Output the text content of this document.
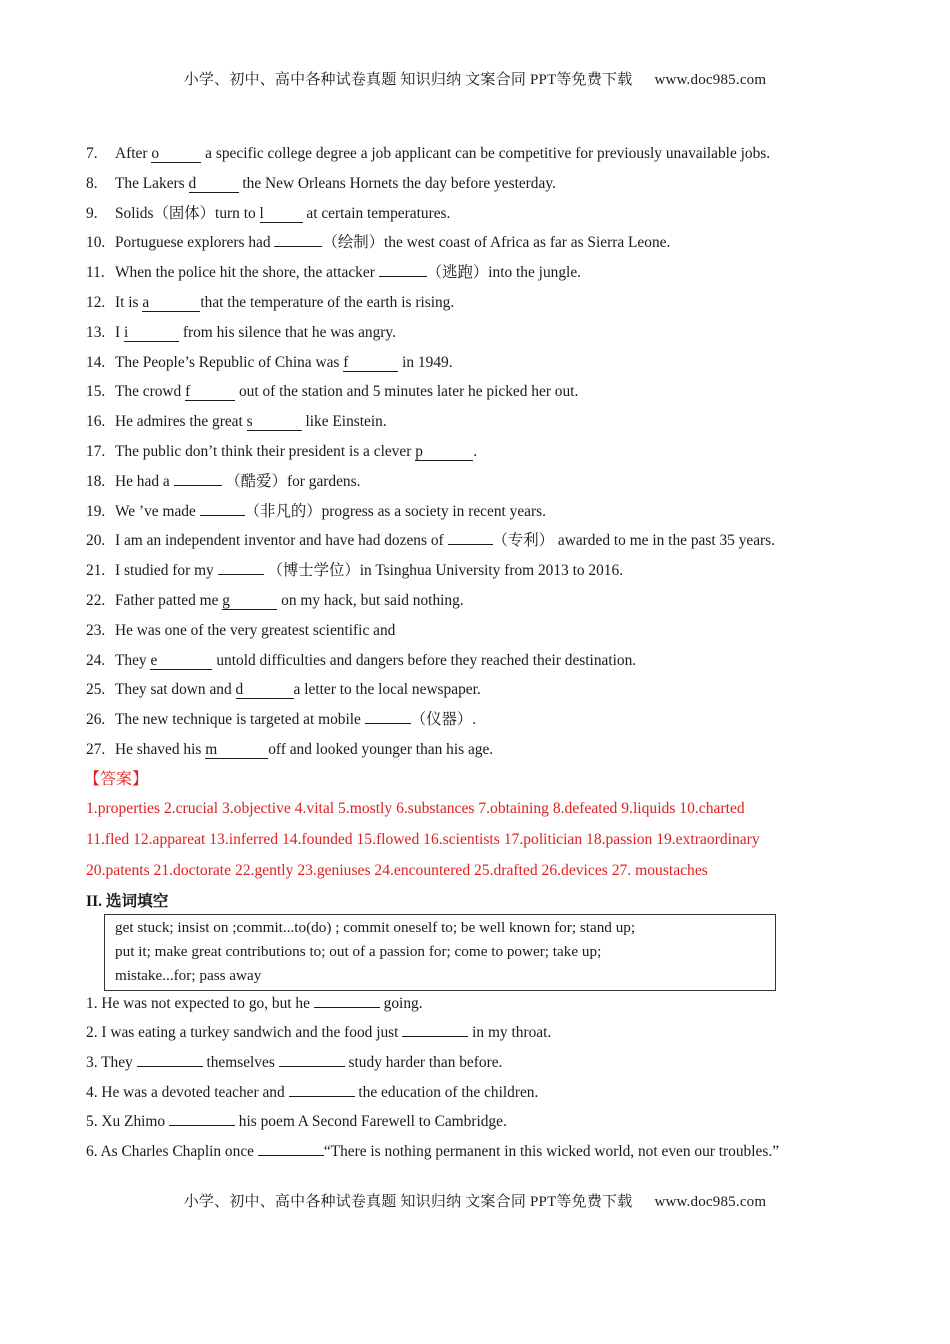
小学、初中、高中各种试卷真题 知识归纳 文案合同 PPT等免费下载 www.doc985.com
7. After o	a specific college degree a job applicant can be competitive for previously unavailable jobs.
8. The Lakers d	the New Orleans Hornets the day before yesterday.
9. Solids（固体）turn to l	at certain temperatures.
10. Portuguese explorers had	（绘制）the west coast of Africa as far as Sierra Leone.
11. When the police hit the shore, the attacker	（逃跑）into the jungle.
12. It is a	that the temperature of the earth is rising.
13. I i	from his silence that he was angry.
14. The People’s Republic of China was f	in 1949.
15. The crowd f	out of the station and 5 minutes later he picked her out.
16. He admires the great s	like Einstein.
17. The public don’t think their president is a clever p	.
18. He had a	（酷爱）for gardens.
19. We ’ve made	（非凡的）progress as a society in recent years.
20. I am an independent inventor and have had dozens of	（专利） awarded to me in the past 35 years.
21. I studied for my	（博士学位）in Tsinghua University from 2013 to 2016.
22. Father patted me g	on my hack, but said nothing.
23. He was one of the very greatest scientific and
24. They e	untold difficulties and dangers before they reached their destination.
25. They sat down and d	a letter to the local newspaper.
26. The new technique is targeted at mobile	（仪器）.
27. He shaved his m	off and looked younger than his age.
【答案】
1.properties 2.crucial 3.objective 4.vital 5.mostly 6.substances 7.obtaining 8.defeated 9.liquids 10.charted
11.fled 12.appareat 13.inferred 14.founded 15.flowed 16.scientists 17.politician 18.passion 19.extraordinary
20.patents 21.doctorate 22.gently 23.geniuses 24.encountered 25.drafted 26.devices 27. moustaches
II. 选词填空
get stuck; insist on ;commit...to(do) ; commit oneself to; be well known for; stand up;
put it; make great contributions to; out of a passion for; come to power; take up;
mistake...for; pass away
1. He was not expected to go, but he	going.
2. I was eating a turkey sandwich and the food just	in my throat.
3. They	themselves	study harder than before.
4. He was a devoted teacher and	the education of the children.
5. Xu Zhimo	his poem A Second Farewell to Cambridge.
6. As Charles Chaplin once	“There is nothing permanent in this wicked world, not even our troubles.”
小学、初中、高中各种试卷真题 知识归纳 文案合同 PPT等免费下载 www.doc985.com
